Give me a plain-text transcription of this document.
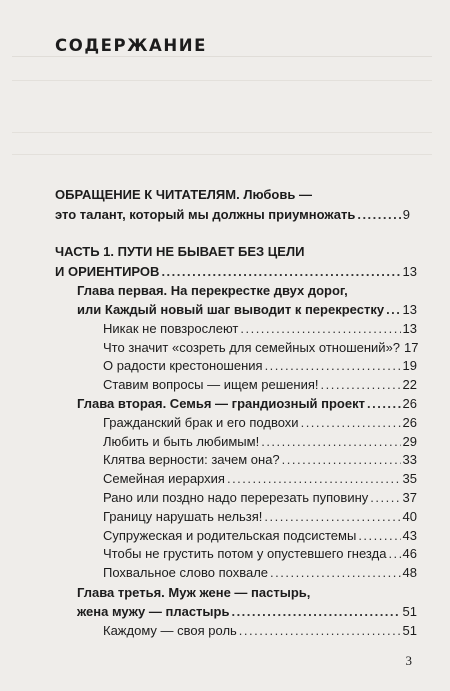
СОДЕРЖАНИЕ
ОБРАЩЕНИЕ К ЧИТАТЕЛЯМ. Любовь —
это талант, который мы должны приумножать .....	9
ЧАСТЬ 1. ПУТИ НЕ БЫВАЕТ БЕЗ ЦЕЛИ
И ОРИЕНТИРОВ .....	13
Глава первая. На перекрестке двух дорог,
или Каждый новый шаг выводит к перекрестку ..... 13
Никак не повзрослеют .....	13
Что значит «созреть для семейных отношений»? 17
О радости крестоношения .....	19
Ставим вопросы — ищем решения! .....	22
Глава вторая. Семья — грандиозный проект .....	26
Гражданский брак и его подвохи .....	26
Любить и быть любимым! .....	29
Клятва верности: зачем она? .....	33
Семейная иерархия .....	35
Рано или поздно надо перерезать пуповину .....	37
Границу нарушать нельзя! .....	40
Супружеская и родительская подсистемы .....	43
Чтобы не грустить потом у опустевшего гнезда ..... 46
Похвальное слово похвале .....	48
Глава третья. Муж жене — пастырь,
жена мужу — пластырь .....	51
Каждому — своя роль .....	51
3
